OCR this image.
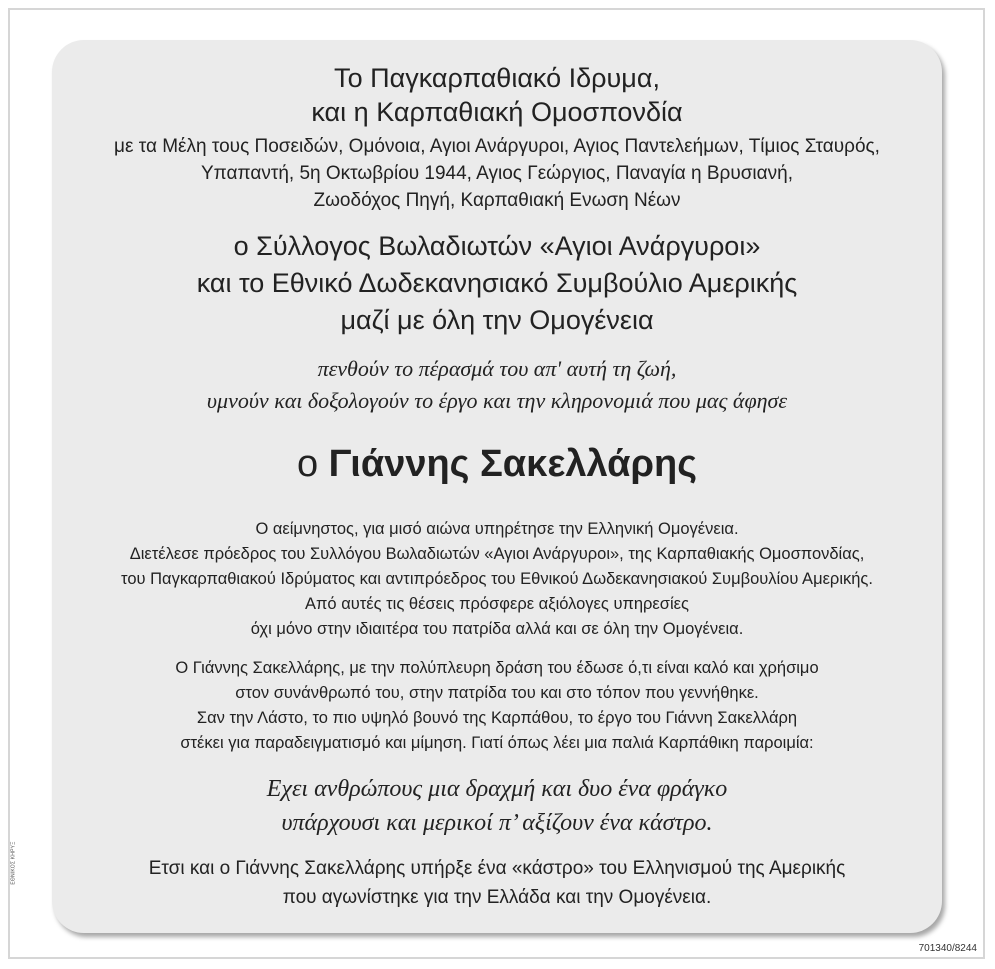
Το Παγκαρπαθιακό Ιδρυμα,
και η Καρπαθιακή Ομοσπονδία
με τα Μέλη τους Ποσειδών, Ομόνοια, Αγιοι Ανάργυροι, Αγιος Παντελεήμων, Τίμιος Σταυρός,
Υπαπαντή, 5η Οκτωβρίου 1944, Αγιος Γεώργιος, Παναγία η Βρυσιανή,
Ζωοδόχος Πηγή, Καρπαθιακή Ενωση Νέων
ο Σύλλογος Βωλαδιωτών «Αγιοι Ανάργυροι»
και το Εθνικό Δωδεκανησιακό Συμβούλιο Αμερικής
μαζί με όλη την Ομογένεια
πενθούν το πέρασμά του απ' αυτή τη ζωή,
υμνούν και δοξολογούν το έργο και την κληρονομιά που μας άφησε
ο Γιάννης Σακελλάρης
Ο αείμνηστος, για μισό αιώνα υπηρέτησε την Ελληνική Ομογένεια.
Διετέλεσε πρόεδρος του Συλλόγου Βωλαδιωτών «Αγιοι Ανάργυροι», της Καρπαθιακής Ομοσπονδίας,
του Παγκαρπαθιακού Ιδρύματος και αντιπρόεδρος του Εθνικού Δωδεκανησιακού Συμβουλίου Αμερικής.
Από αυτές τις θέσεις πρόσφερε αξιόλογες υπηρεσίες
όχι μόνο στην ιδιαιτέρα του πατρίδα αλλά και σε όλη την Ομογένεια.
Ο Γιάννης Σακελλάρης, με την πολύπλευρη δράση του έδωσε ό,τι είναι καλό και χρήσιμο
στον συνάνθρωπό του, στην πατρίδα του και στο τόπον που γεννήθηκε.
Σαν την Λάστο, το πιο υψηλό βουνό της Καρπάθου, το έργο του Γιάννη Σακελλάρη
στέκει για παραδειγματισμό και μίμηση. Γιατί όπως λέει μια παλιά Καρπάθικη παροιμία:
Εχει ανθρώπους μια δραχμή και δυο ένα φράγκο
υπάρχουσι και μερικοί π’ αξίζουν ένα κάστρο.
Ετσι και ο Γιάννης Σακελλάρης υπήρξε ένα «κάστρο» του Ελληνισμού της Αμερικής
που αγωνίστηκε για την Ελλάδα και την Ομογένεια.
ΕΘΝΙΚΟΣ ΚΗΡΥΞ
701340/8244
